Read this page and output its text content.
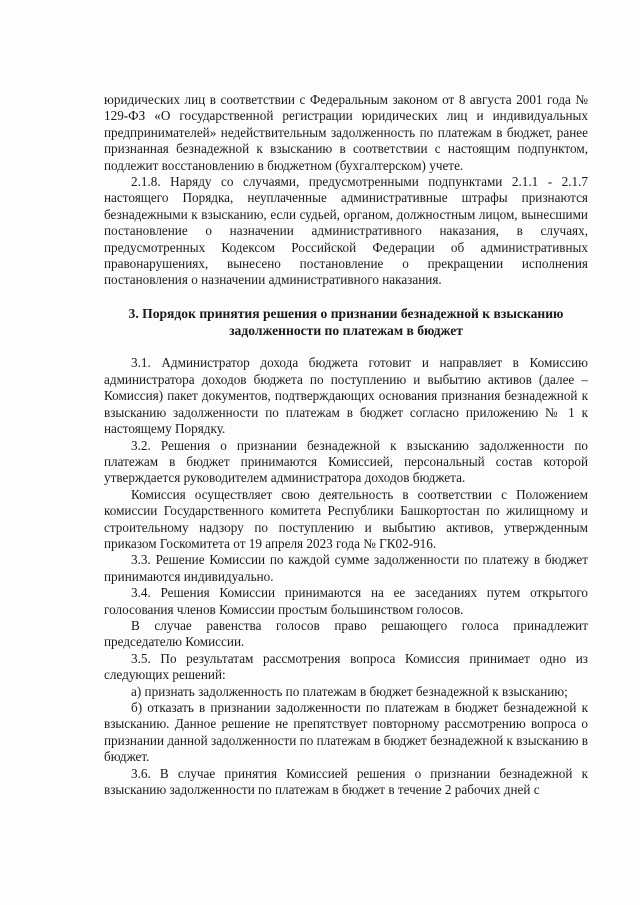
юридических лиц в соответствии с Федеральным законом от 8 августа 2001 года № 129-ФЗ «О государственной регистрации юридических лиц и индивидуальных предпринимателей» недействительным задолженность по платежам в бюджет, ранее признанная безнадежной к взысканию в соответствии с настоящим подпунктом, подлежит восстановлению в бюджетном (бухгалтерском) учете.

2.1.8. Наряду со случаями, предусмотренными подпунктами 2.1.1 - 2.1.7 настоящего Порядка, неуплаченные административные штрафы признаются безнадежными к взысканию, если судьей, органом, должностным лицом, вынесшими постановление о назначении административного наказания, в случаях, предусмотренных Кодексом Российской Федерации об административных правонарушениях, вынесено постановление о прекращении исполнения постановления о назначении административного наказания.

3. Порядок принятия решения о признании безнадежной к взысканию задолженности по платежам в бюджет

3.1. Администратор дохода бюджета готовит и направляет в Комиссию администратора доходов бюджета по поступлению и выбытию активов (далее – Комиссия) пакет документов, подтверждающих основания признания безнадежной к взысканию задолженности по платежам в бюджет согласно приложению № 1 к настоящему Порядку.

3.2. Решения о признании безнадежной к взысканию задолженности по платежам в бюджет принимаются Комиссией, персональный состав которой утверждается руководителем администратора доходов бюджета.

Комиссия осуществляет свою деятельность в соответствии с Положением комиссии Государственного комитета Республики Башкортостан по жилищному и строительному надзору по поступлению и выбытию активов, утвержденным приказом Госкомитета от 19 апреля 2023 года № ГК02-916.

3.3. Решение Комиссии по каждой сумме задолженности по платежу в бюджет принимаются индивидуально.

3.4. Решения Комиссии принимаются на ее заседаниях путем открытого голосования членов Комиссии простым большинством голосов.

В случае равенства голосов право решающего голоса принадлежит председателю Комиссии.

3.5. По результатам рассмотрения вопроса Комиссия принимает одно из следующих решений:

а) признать задолженность по платежам в бюджет безнадежной к взысканию;

б) отказать в признании задолженности по платежам в бюджет безнадежной к взысканию. Данное решение не препятствует повторному рассмотрению вопроса о признании данной задолженности по платежам в бюджет безнадежной к взысканию в бюджет.

3.6. В случае принятия Комиссией решения о признании безнадежной к взысканию задолженности по платежам в бюджет в течение 2 рабочих дней с
